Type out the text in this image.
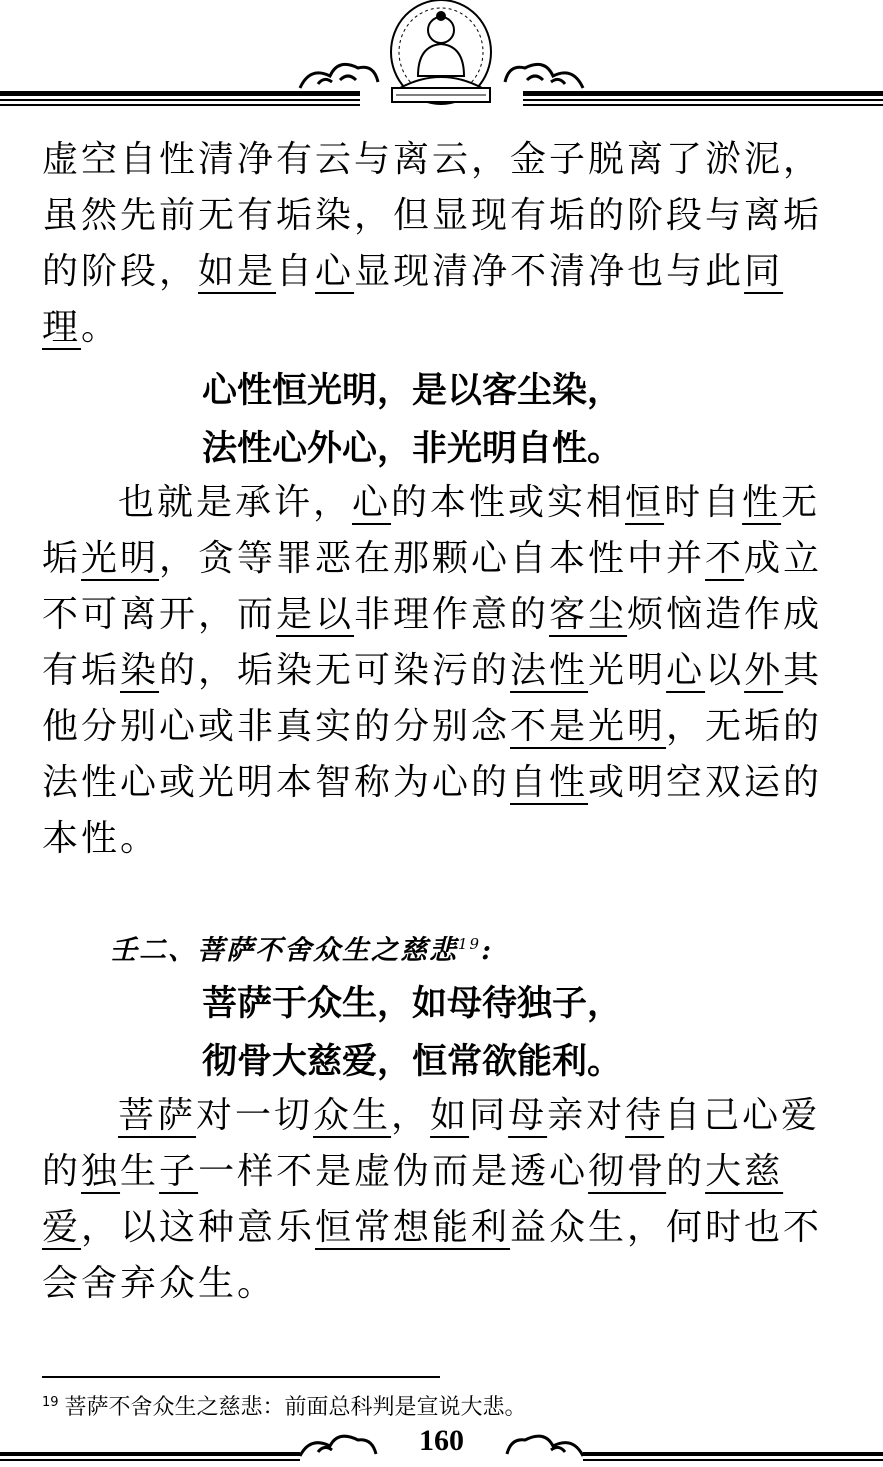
虚空自性清净有云与离云，金子脱离了淤泥，虽然先前无有垢染，但显现有垢的阶段与离垢的阶段，如是自心显现清净不清净也与此同理。
心性恒光明，是以客尘染，
法性心外心，非光明自性。
也就是承许，心的本性或实相恒时自性无垢光明，贪等罪恶在那颗心自本性中并不成立不可离开，而是以非理作意的客尘烦恼造作成有垢染的，垢染无可染污的法性光明心以外其他分别心或非真实的分别念不是光明，无垢的法性心或光明本智称为心的自性或明空双运的本性。
壬二、菩萨不舍众生之慈悲$^{19}$:
菩萨于众生，如母待独子，
彻骨大慈爱，恒常欲能利。
菩萨对一切众生，如同母亲对待自己心爱的独生子一样不是虚伪而是透心彻骨的大慈爱，以这种意乐恒常想能利益众生，何时也不会舍弃众生。
$^{19}$ 菩萨不舍众生之慈悲：前面总科判是宣说大悲。
160
